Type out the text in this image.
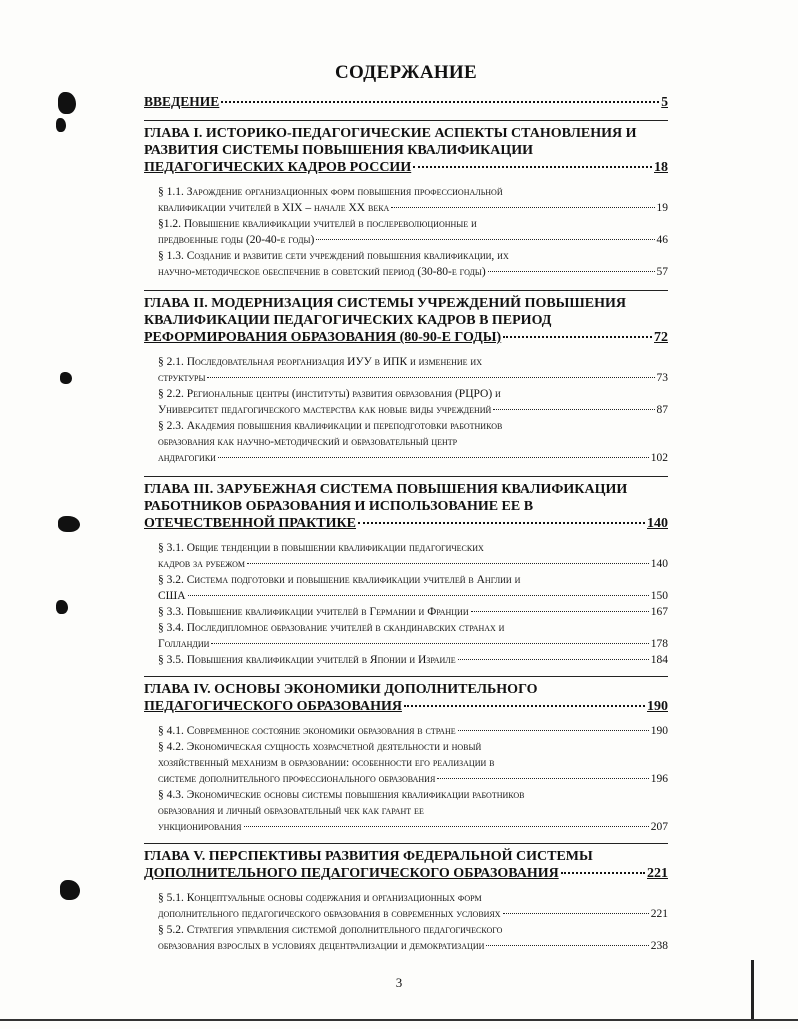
СОДЕРЖАНИЕ
ВВЕДЕНИЕ	5
ГЛАВА I. ИСТОРИКО-ПЕДАГОГИЧЕСКИЕ АСПЕКТЫ СТАНОВЛЕНИЯ И
РАЗВИТИЯ СИСТЕМЫ ПОВЫШЕНИЯ КВАЛИФИКАЦИИ
ПЕДАГОГИЧЕСКИХ КАДРОВ РОССИИ	18
§ 1.1. Зарождение организационных форм повышения профессиональной
квалификации учителей в XIX – начале XX века	19
§1.2. Повышение квалификации учителей в послереволюционные и
предвоенные годы (20-40-е годы)	46
§ 1.3. Создание и развитие сети учреждений повышения квалификации, их
научно-методическое обеспечение в советский период (30-80-е годы)	57
ГЛАВА II. МОДЕРНИЗАЦИЯ СИСТЕМЫ УЧРЕЖДЕНИЙ ПОВЫШЕНИЯ
КВАЛИФИКАЦИИ ПЕДАГОГИЧЕСКИХ КАДРОВ В ПЕРИОД
РЕФОРМИРОВАНИЯ ОБРАЗОВАНИЯ (80-90-Е ГОДЫ)	72
§ 2.1. Последовательная реорганизация ИУУ в ИПК и изменение их
структуры	73
§ 2.2. Региональные центры (институты) развития образования (РЦРО) и
Университет педагогического мастерства как новые виды учреждений	87
§ 2.3. Академия повышения квалификации и переподготовки работников
образования как научно-методический и образовательный центр
андрагогики	102
ГЛАВА III. ЗАРУБЕЖНАЯ СИСТЕМА ПОВЫШЕНИЯ КВАЛИФИКАЦИИ
РАБОТНИКОВ ОБРАЗОВАНИЯ И ИСПОЛЬЗОВАНИЕ ЕЕ В
ОТЕЧЕСТВЕННОЙ ПРАКТИКЕ	140
§ 3.1. Общие тенденции в повышении квалификации педагогических
кадров за рубежом	140
§ 3.2. Система подготовки и повышение квалификации учителей в Англии и
США	150
§ 3.3. Повышение квалификации учителей в Германии и Франции	167
§ 3.4. Последипломное образование учителей в скандинавских странах и
Голландии	178
§ 3.5. Повышения квалификации учителей в Японии и Израиле	184
ГЛАВА IV. ОСНОВЫ ЭКОНОМИКИ ДОПОЛНИТЕЛЬНОГО
ПЕДАГОГИЧЕСКОГО ОБРАЗОВАНИЯ	190
§ 4.1. Современное состояние экономики образования в стране	190
§ 4.2. Экономическая сущность хозрасчетной деятельности и новый
хозяйственный механизм в образовании: особенности его реализации в
системе дополнительного профессионального образования	196
§ 4.3. Экономические основы системы повышения квалификации работников
образования и личный образовательный чек как гарант ее
ункционирования	207
ГЛАВА V. ПЕРСПЕКТИВЫ РАЗВИТИЯ ФЕДЕРАЛЬНОЙ СИСТЕМЫ
ДОПОЛНИТЕЛЬНОГО ПЕДАГОГИЧЕСКОГО ОБРАЗОВАНИЯ	221
§ 5.1. Концептуальные основы содержания и организационных форм
дополнительного педагогического образования в современных условиях	221
§ 5.2. Стратегия управления системой дополнительного педагогического
образования взрослых в условиях децентрализации и демократизации	238
3
